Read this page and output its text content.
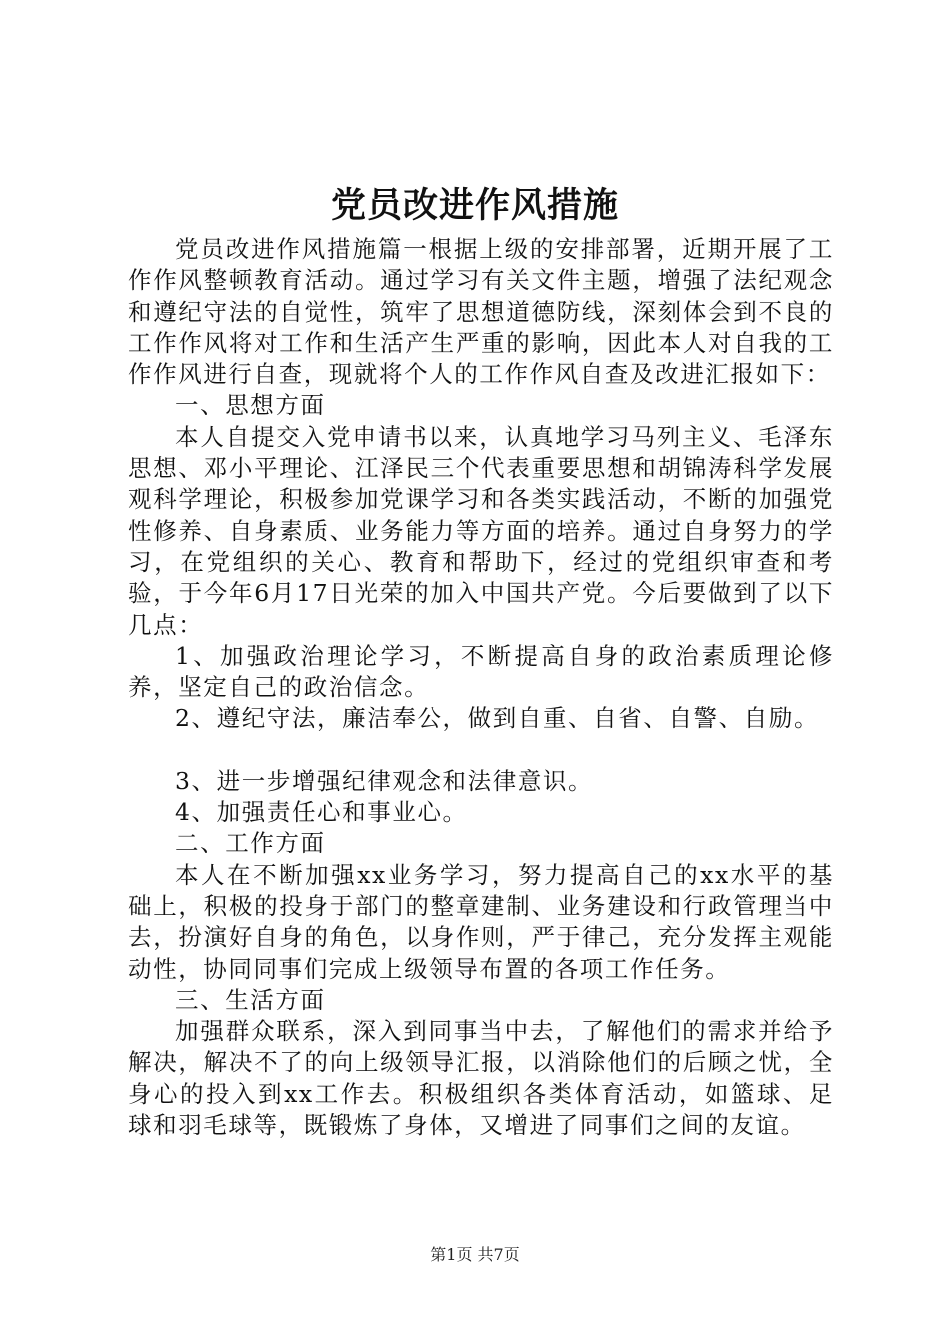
党员改进作风措施

党员改进作风措施篇一根据上级的安排部署，近期开展了工作作风整顿教育活动。通过学习有关文件主题，增强了法纪观念和遵纪守法的自觉性，筑牢了思想道德防线，深刻体会到不良的工作作风将对工作和生活产生严重的影响，因此本人对自我的工作作风进行自查，现就将个人的工作作风自查及改进汇报如下：

一、思想方面

本人自提交入党申请书以来，认真地学习马列主义、毛泽东思想、邓小平理论、江泽民三个代表重要思想和胡锦涛科学发展观科学理论，积极参加党课学习和各类实践活动，不断的加强党性修养、自身素质、业务能力等方面的培养。通过自身努力的学习，在党组织的关心、教育和帮助下，经过的党组织审查和考验，于今年6月17日光荣的加入中国共产党。今后要做到了以下几点：

1、加强政治理论学习，不断提高自身的政治素质理论修养，坚定自己的政治信念。

2、遵纪守法，廉洁奉公，做到自重、自省、自警、自励。

3、进一步增强纪律观念和法律意识。

4、加强责任心和事业心。

二、工作方面

本人在不断加强xx业务学习，努力提高自己的xx水平的基础上，积极的投身于部门的整章建制、业务建设和行政管理当中去，扮演好自身的角色，以身作则，严于律己，充分发挥主观能动性，协同同事们完成上级领导布置的各项工作任务。

三、生活方面

加强群众联系，深入到同事当中去，了解他们的需求并给予解决，解决不了的向上级领导汇报，以消除他们的后顾之忧，全身心的投入到xx工作去。积极组织各类体育活动，如篮球、足球和羽毛球等，既锻炼了身体，又增进了同事们之间的友谊。

第1页 共7页
